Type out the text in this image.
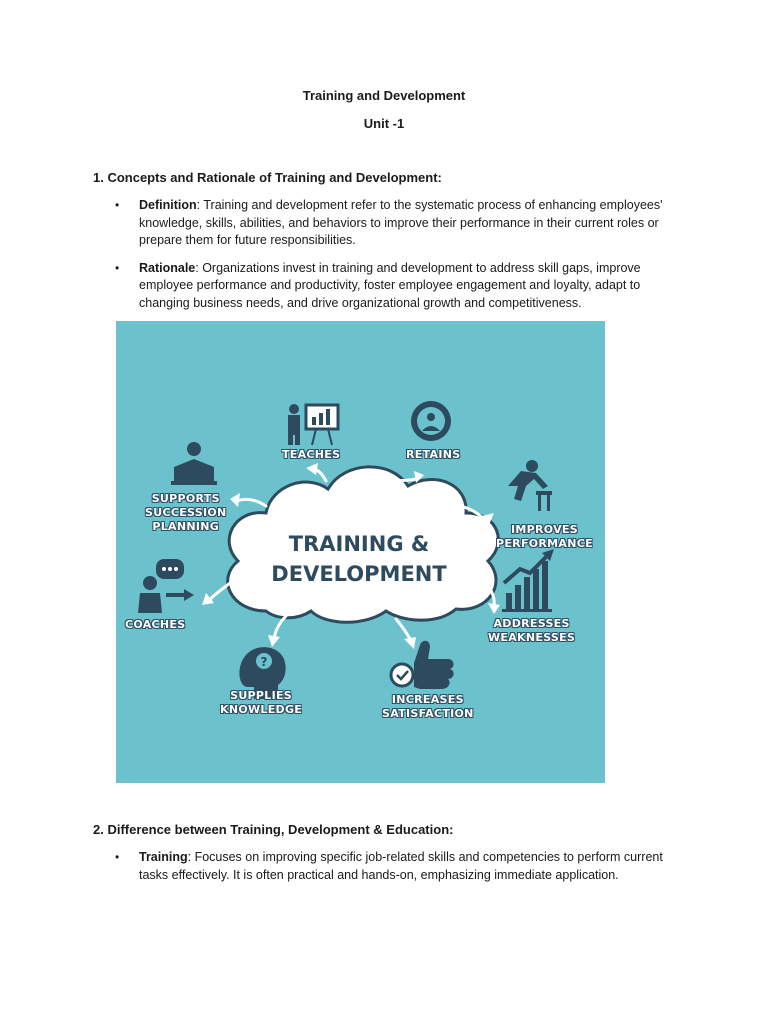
Training and Development
Unit -1
1. Concepts and Rationale of Training and Development:
• Definition: Training and development refer to the systematic process of enhancing employees' knowledge, skills, abilities, and behaviors to improve their performance in their current roles or prepare them for future responsibilities.
• Rationale: Organizations invest in training and development to address skill gaps, improve employee performance and productivity, foster employee engagement and loyalty, adapt to changing business needs, and drive organizational growth and competitiveness.
?
TRAINING &
DEVELOPMENT
TEACHES	RETAINS
SUPPORTS
SUCCESSION
PLANNING	IMPROVES
PERFORMANCE
COACHES	ADDRESSES
WEAKNESSES
SUPPLIES
KNOWLEDGE
INCREASES
SATISFACTION
2. Difference between Training, Development & Education:
• Training: Focuses on improving specific job-related skills and competencies to perform current tasks effectively. It is often practical and hands-on, emphasizing immediate application.
